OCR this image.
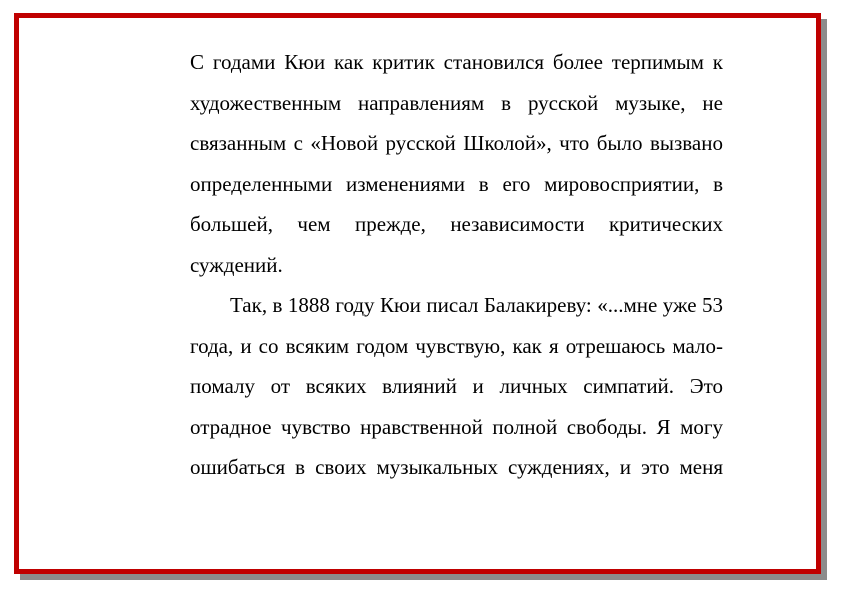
С годами Кюи как критик становился более терпимым к художественным направлениям в русской музыке, не связанным с «Новой русской Школой», что было вызвано определенными изменениями в его мировосприятии, в большей, чем прежде, независимости критических суждений.

Так, в 1888 году Кюи писал Балакиреву: «...мне уже 53 года, и со всяким годом чувствую, как я отрешаюсь мало-помалу от всяких влияний и личных симпатий. Это отрадное чувство нравственной полной свободы. Я могу ошибаться в своих музыкальных суждениях, и это меня
